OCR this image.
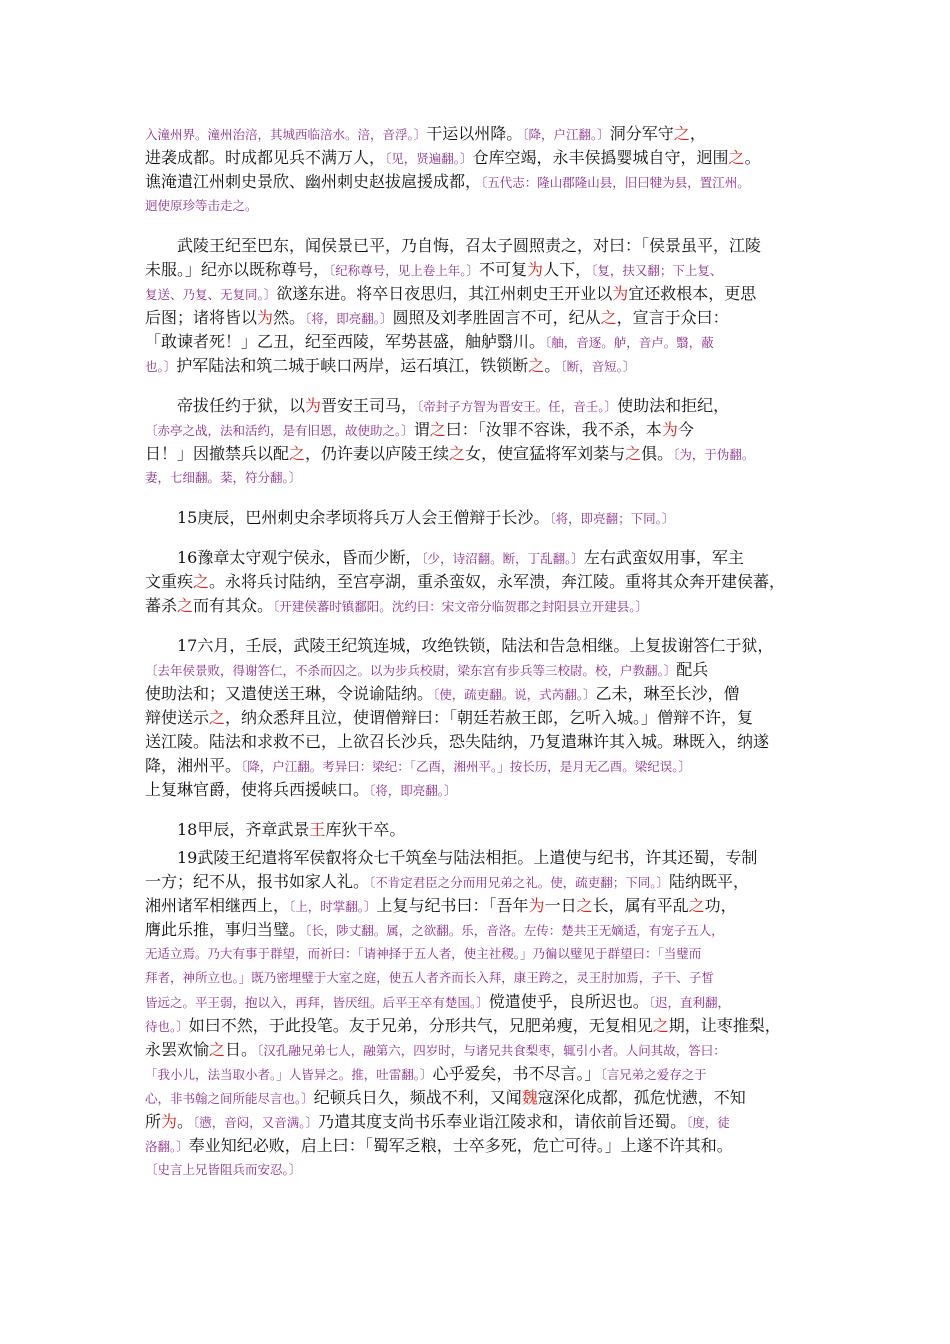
入潼州界。潼州治涪，其城西临涪水。涪，音浮。〕干运以州降。〔降，户江翻。〕洞分军守之，
进袭成都。时成都见兵不满万人，〔见，贤遍翻。〕仓库空竭，永丰侯撝婴城自守，迥围之。
谯淹遣江州刺史景欣、幽州刺史赵拔扈援成都，〔五代志：隆山郡隆山县，旧曰犍为县，置江州。
迥使原珍等击走之。
武陵王纪至巴东，闻侯景已平，乃自悔，召太子圆照责之，对曰：「侯景虽平，江陵
未服。」纪亦以既称尊号，〔纪称尊号，见上卷上年。〕不可复为人下，〔复，扶又翻；下上复、
复送、乃复、无复同。〕欲遂东进。将卒日夜思归，其江州刺史王开业以为宜还救根本，更思
后图；诸将皆以为然。〔将，即亮翻。〕圆照及刘孝胜固言不可，纪从之，宣言于众曰：
「敢谏者死！」乙丑，纪至西陵，军势甚盛，舳舻翳川。〔舳，音逐。舻，音卢。翳，蔽
也。〕护军陆法和筑二城于峡口两岸，运石填江，铁锁断之。〔断，音短。〕
帝拔任约于狱，以为晋安王司马，〔帝封子方智为晋安王。任，音壬。〕使助法和拒纪，
〔赤亭之战，法和活约，是有旧恩，故使助之。〕谓之曰：「汝罪不容诛，我不杀，本为今
日！」因撤禁兵以配之，仍许妻以庐陵王续之女，使宣猛将军刘棻与之俱。〔为，于伪翻。
妻，七细翻。棻，符分翻。〕
15庚辰，巴州刺史余孝顷将兵万人会王僧辩于长沙。〔将，即亮翻；下同。〕
16豫章太守观宁侯永，昏而少断，〔少，诗沼翻。断，丁乱翻。〕左右武蛮奴用事，军主
文重疾之。永将兵讨陆纳，至宫亭湖，重杀蛮奴，永军溃，奔江陵。重将其众奔开建侯蕃，
蕃杀之而有其众。〔开建侯蕃时镇鄱阳。沈约曰：宋文帝分临贺郡之封阳县立开建县。〕
17六月，壬辰，武陵王纪筑连城，攻绝铁锁，陆法和告急相继。上复拔谢答仁于狱，
〔去年侯景败，得谢答仁，不杀而囚之。以为步兵校尉，梁东宫有步兵等三校尉。校，户教翻。〕配兵
使助法和；又遣使送王琳，令说谕陆纳。〔使，疏吏翻。说，式芮翻。〕乙未，琳至长沙，僧
辩使送示之，纳众悉拜且泣，使谓僧辩曰：「朝廷若赦王郎，乞听入城。」僧辩不许，复
送江陵。陆法和求救不已，上欲召长沙兵，恐失陆纳，乃复遣琳许其入城。琳既入，纳遂
降，湘州平。〔降，户江翻。考异曰：梁纪：「乙酉，湘州平。」按长历，是月无乙酉。梁纪误。〕
上复琳官爵，使将兵西援峡口。〔将，即亮翻。〕
18甲辰，齐章武景王库狄干卒。
19武陵王纪遣将军侯叡将众七千筑垒与陆法相拒。上遣使与纪书，许其还蜀，专制
一方；纪不从，报书如家人礼。〔不肯定君臣之分而用兄弟之礼。使，疏吏翻；下同。〕陆纳既平，
湘州诸军相继西上，〔上，时掌翻。〕上复与纪书曰：「吾年为一日之长，属有平乱之功，
膺此乐推，事归当璧。〔长，陟丈翻。属，之欲翻。乐，音洛。左传：楚共王无嫡适，有宠子五人，
无适立焉。乃大有事于群望，而祈曰：「请神择于五人者，使主社稷。」乃徧以璧见于群望曰：「当璧而
拜者，神所立也。」既乃密埋璧于大室之庭，使五人者齐而长入拜，康王跨之，灵王肘加焉，子干、子皙
皆远之。平王弱，抱以入，再拜，皆厌纽。后平王卒有楚国。〕傥遣使乎，良所迟也。〔迟，直利翻，
待也。〕如曰不然，于此投笔。友于兄弟，分形共气，兄肥弟瘦，无复相见之期，让枣推梨，
永罢欢愉之日。〔汉孔融兄弟七人，融第六，四岁时，与诸兄共食梨枣，辄引小者。人问其故，答曰：
「我小儿，法当取小者。」人皆异之。推，吐雷翻。〕心乎爱矣，书不尽言。」〔言兄弟之爱存之于
心，非书翰之间所能尽言也。〕纪顿兵日久，频战不利，又闻魏寇深化成都，孤危忧懑，不知
所为。〔懑，音闷，又音满。〕乃遣其度支尚书乐奉业诣江陵求和，请依前旨还蜀。〔度，徒
洛翻。〕奉业知纪必败，启上曰：「蜀军乏粮，士卒多死，危亡可待。」上遂不许其和。
〔史言上兄皆阻兵而安忍。〕
